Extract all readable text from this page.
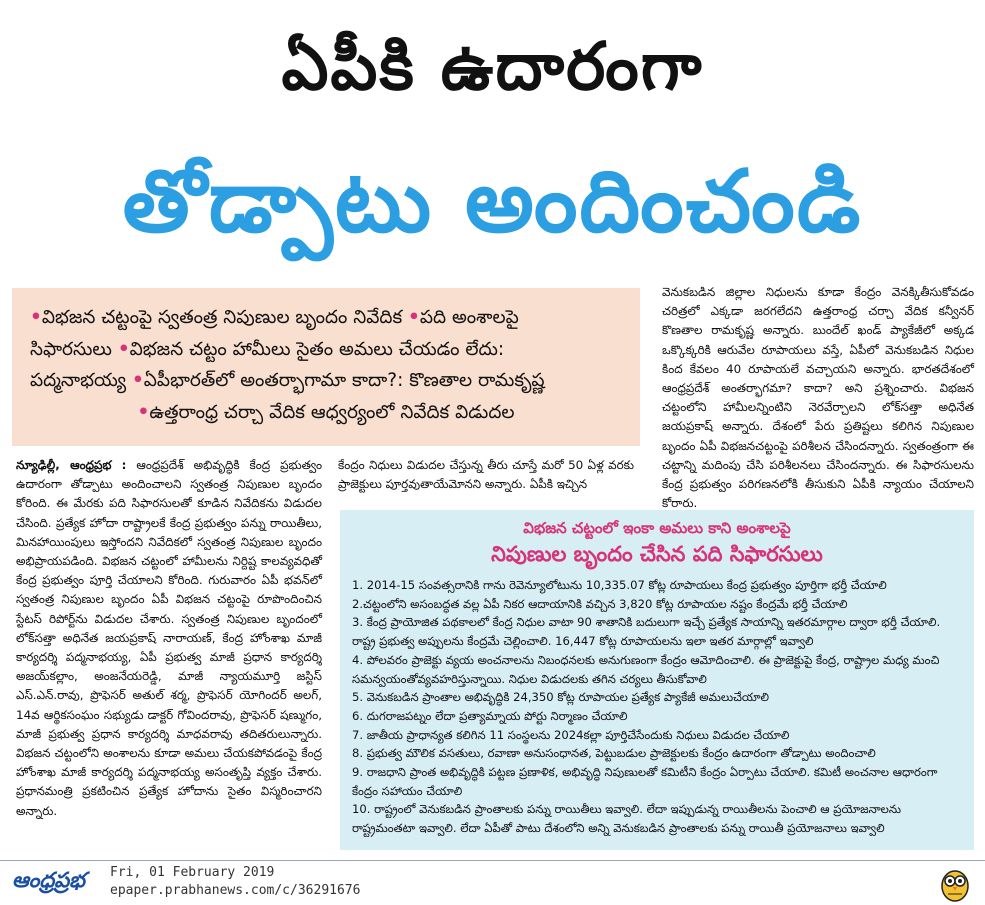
ఏపీకి ఉదారంగా
తోడ్పాటు అందించండి
•విభజన చట్టంపై స్వతంత్ర నిపుణుల బృందం నివేదిక •పది అంశాలపై
సిఫారసులు •విభజన చట్టం హామీలు సైతం అమలు చేయడం లేదు:
పద్మనాభయ్య •ఏపీభారత్‌లో అంతర్భాగామా కాదా?: కొణతాల రామకృష్ణ
•ఉత్తరాంధ్ర చర్చా వేదిక ఆధ్వర్యంలో నివేదిక విడుదల
న్యూఢిల్లీ, ఆంధ్రప్రభ : ఆంధ్రప్రదేశ్ అభివృద్ధికి కేంద్ర ప్రభుత్వం ఉదారంగా తోడ్పాటు అందించాలని స్వతంత్ర నిపుణుల బృందం కోరింది. ఈ మేరకు పది సిఫారసులతో కూడిన నివేదికను విడుదల చేసింది. ప్రత్యేక హోదా రాష్ట్రాలకే కేంద్ర ప్రభుత్వం పన్ను రాయితీలు, మినహాయింపులు ఇస్తోందని నివేదికలో స్వతంత్ర నిపుణుల బృందం అభిప్రాయపడింది. విభజన చట్టంలో హామీలను నిర్దిష్ట కాలవ్యవధితో కేంద్ర ప్రభుత్వం పూర్తి చేయాలని కోరింది. గురువారం ఏపీ భవన్‌లో స్వతంత్ర నిపుణుల బృందం ఏపీ విభజన చట్టంపై రూపొందించిన స్టేటస్ రిపోర్ట్‌ను విడుదల చేశారు. స్వతంత్ర నిపుణుల బృందంలో లోక్‌సత్తా అధినేత జయప్రకాష్ నారాయణ్, కేంద్ర హోంశాఖ మాజీ కార్యదర్శి పద్మనాభయ్య, ఏపీ ప్రభుత్వ మాజీ ప్రధాన కార్యదర్శి అజయ్‌కల్లాం, అంజనేయరెడ్డి, మాజీ న్యాయమూర్తి జస్టిస్ ఎస్.ఎన్.రావు, ప్రొఫెసర్ అతుల్ శర్మ, ప్రొఫెసర్ యోగిందర్ అలగ్, 14వ ఆర్థికసంఘం సభ్యుడు డాక్టర్ గోవిందరావు, ప్రొఫెసర్ షణ్ముగం, మాజీ ప్రభుత్వ ప్రధాన కార్యదర్శి మాధవరావు తదితరులున్నారు. విభజన చట్టంలోని అంశాలను కూడా అమలు చేయకపోవడంపై కేంద్ర హోంశాఖ మాజీ కార్యదర్శి పద్మనాభయ్య అసంతృప్తి వ్యక్తం చేశారు. ప్రధానమంత్రి ప్రకటించిన ప్రత్యేక హోదాను సైతం విస్మరించారని అన్నారు.
కేంద్రం నిధులు విడుదల చేస్తున్న తీరు చూస్తే మరో 50 ఏళ్ల వరకు ప్రాజెక్టులు పూర్తవుతాయేమోనని అన్నారు. ఏపీకి ఇచ్చిన
వెనుకబడిన జిల్లాల నిధులను కూడా కేంద్రం వెనక్కితీసుకోవడం చరిత్రలో ఎక్కడా జరగలేదని ఉత్తరాంధ్ర చర్చా వేదిక కన్వీనర్ కొణతాల రామకృష్ణ అన్నారు. బుందేల్ ఖండ్ ప్యాకేజీలో అక్కడ ఒక్కొక్కరికి ఆరువేల రూపాయలు వస్తే, ఏపీలో వెనుకబడిన నిధుల కింద కేవలం 40 రూపాయలే వచ్చాయని అన్నారు. భారతదేశంలో ఆంధ్రప్రదేశ్ అంతర్భాగమా? కాదా? అని ప్రశ్నించారు. విభజన చట్టంలోని హామీలన్నింటిని నెరవేర్చాలని లోక్‌సత్తా అధినేత జయప్రకాష్ అన్నారు. దేశంలో పేరు ప్రతిష్టలు కలిగిన నిపుణుల బృందం ఏపీ విభజనచట్టంపై పరిశీలన చేసిందన్నారు. స్వతంత్రంగా ఈ చట్టాన్ని మదింపు చేసి పరిశీలనలు చేసిందన్నారు. ఈ సిఫారసులను కేంద్ర ప్రభుత్వం పరిగణనలోకి తీసుకుని ఏపీకి న్యాయం చేయాలని కోరారు.
విభజన చట్టంలో ఇంకా అమలు కాని అంశాలపై
నిపుణుల బృందం చేసిన పది సిఫారసులు
1. 2014-15 సంవత్సరానికి గాను రెవెన్యూలోటును 10,335.07 కోట్ల రూపాయలు కేంద్ర ప్రభుత్వం పూర్తిగా భర్తీ చేయాలి
2.చట్టంలోని అసంబద్ధత వల్ల ఏపీ నికర ఆదాయానికి వచ్చిన 3,820 కోట్ల రూపాయల నష్టం కేంద్రమే భర్తీ చేయాలి
3. కేంద్ర ప్రాయోజిత పథకాలలో కేంద్ర నిధుల వాటా 90 శాతానికి బదులుగా ఇచ్చే ప్రత్యేక సాయాన్ని ఇతరమార్గాల ద్వారా భర్తీ చేయాలి. రాష్ట్ర ప్రభుత్వ అప్పులను కేంద్రమే చెల్లించాలి. 16,447 కోట్ల రూపాయలను ఇలా ఇతర మార్గాల్లో ఇవ్వాలి
4. పోలవరం ప్రాజెక్టు వ్యయ అంచనాలను నిబంధనలకు అనుగుణంగా కేంద్రం ఆమోదించాలి. ఈ ప్రాజెక్టుపై కేంద్ర, రాష్ట్రాల మధ్య మంచి సమన్వయంతోవ్యవహరిస్తున్నాయి. నిధుల విడుదలకు తగిన చర్యలు తీసుకోవాలి
5. వెనుకబడిన ప్రాంతాల అభివృద్ధికి 24,350 కోట్ల రూపాయల ప్రత్యేక ప్యాకేజీ అమలుచేయాలి
6. దుగరాజపట్నం లేదా ప్రత్యామ్నాయ పోర్టు నిర్మాణం చేయాలి
7. జాతీయ ప్రాధాన్యత కలిగిన 11 సంస్థలను 2024కల్లా పూర్తిచేసేందుకు నిధులు విడుదల చేయాలి
8. ప్రభుత్వ మౌలిక వసతులు, రవాణా అనుసంధానత, పెట్టుబడుల ప్రాజెక్టులకు కేంద్రం ఉదారంగా తోడ్పాటు అందించాలి
9. రాజధాని ప్రాంత అభివృద్ధికి పట్టణ ప్రణాళిక, అభివృద్ధి నిపుణులతో కమిటీని కేంద్రం ఏర్పాటు చేయాలి. కమిటీ అంచనాల ఆధారంగా కేంద్రం సహాయం చేయాలి
10. రాష్ట్రంలో వెనుకబడిన ప్రాంతాలకు పన్ను రాయితీలు ఇవ్వాలి. లేదా ఇప్పుడున్న రాయితీలను పెంచాలి ఆ ప్రయోజనాలను రాష్ట్రమంతటా ఇవ్వాలి. లేదా ఏపీతో పాటు దేశంలోని అన్ని వెనుకబడిన ప్రాంతాలకు పన్ను రాయితీ ప్రయోజనాలు ఇవ్వాలి
ఆంధ్రప్రభ Fri, 01 February 2019
epaper.prabhanews.com/c/36291676
